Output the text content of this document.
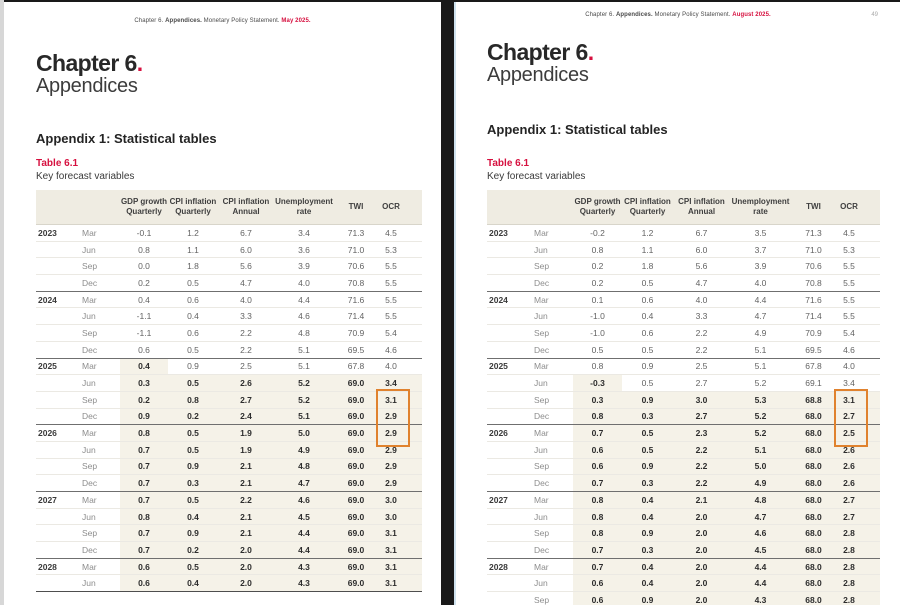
Chapter 6. Appendices. Monetary Policy Statement. May 2025.
Chapter 6.
Appendices
Appendix 1: Statistical tables
Table 6.1
Key forecast variables
		GDP growth Quarterly	CPI inflation Quarterly	CPI inflation Annual	Unemployment rate	TWI	OCR
2023	Mar	-0.1	1.2	6.7	3.4	71.3	4.5
	Jun	0.8	1.1	6.0	3.6	71.0	5.3
	Sep	0.0	1.8	5.6	3.9	70.6	5.5
	Dec	0.2	0.5	4.7	4.0	70.8	5.5
2024	Mar	0.4	0.6	4.0	4.4	71.6	5.5
	Jun	-1.1	0.4	3.3	4.6	71.4	5.5
	Sep	-1.1	0.6	2.2	4.8	70.9	5.4
	Dec	0.6	0.5	2.2	5.1	69.5	4.6
2025	Mar	0.4	0.9	2.5	5.1	67.8	4.0
	Jun	0.3	0.5	2.6	5.2	69.0	3.4
	Sep	0.2	0.8	2.7	5.2	69.0	3.1
	Dec	0.9	0.2	2.4	5.1	69.0	2.9
2026	Mar	0.8	0.5	1.9	5.0	69.0	2.9
	Jun	0.7	0.5	1.9	4.9	69.0	2.9
	Sep	0.7	0.9	2.1	4.8	69.0	2.9
	Dec	0.7	0.3	2.1	4.7	69.0	2.9
2027	Mar	0.7	0.5	2.2	4.6	69.0	3.0
	Jun	0.8	0.4	2.1	4.5	69.0	3.0
	Sep	0.7	0.9	2.1	4.4	69.0	3.1
	Dec	0.7	0.2	2.0	4.4	69.0	3.1
2028	Mar	0.6	0.5	2.0	4.3	69.0	3.1
	Jun	0.6	0.4	2.0	4.3	69.0	3.1
Chapter 6. Appendices. Monetary Policy Statement. August 2025.	49
Chapter 6.
Appendices
Appendix 1: Statistical tables
Table 6.1
Key forecast variables
		GDP growth Quarterly	CPI inflation Quarterly	CPI inflation Annual	Unemployment rate	TWI	OCR
2023	Mar	-0.2	1.2	6.7	3.5	71.3	4.5
	Jun	0.8	1.1	6.0	3.7	71.0	5.3
	Sep	0.2	1.8	5.6	3.9	70.6	5.5
	Dec	0.2	0.5	4.7	4.0	70.8	5.5
2024	Mar	0.1	0.6	4.0	4.4	71.6	5.5
	Jun	-1.0	0.4	3.3	4.7	71.4	5.5
	Sep	-1.0	0.6	2.2	4.9	70.9	5.4
	Dec	0.5	0.5	2.2	5.1	69.5	4.6
2025	Mar	0.8	0.9	2.5	5.1	67.8	4.0
	Jun	-0.3	0.5	2.7	5.2	69.1	3.4
	Sep	0.3	0.9	3.0	5.3	68.8	3.1
	Dec	0.8	0.3	2.7	5.2	68.0	2.7
2026	Mar	0.7	0.5	2.3	5.2	68.0	2.5
	Jun	0.6	0.5	2.2	5.1	68.0	2.6
	Sep	0.6	0.9	2.2	5.0	68.0	2.6
	Dec	0.7	0.3	2.2	4.9	68.0	2.6
2027	Mar	0.8	0.4	2.1	4.8	68.0	2.7
	Jun	0.8	0.4	2.0	4.7	68.0	2.7
	Sep	0.8	0.9	2.0	4.6	68.0	2.8
	Dec	0.7	0.3	2.0	4.5	68.0	2.8
2028	Mar	0.7	0.4	2.0	4.4	68.0	2.8
	Jun	0.6	0.4	2.0	4.4	68.0	2.8
	Sep	0.6	0.9	2.0	4.3	68.0	2.8
